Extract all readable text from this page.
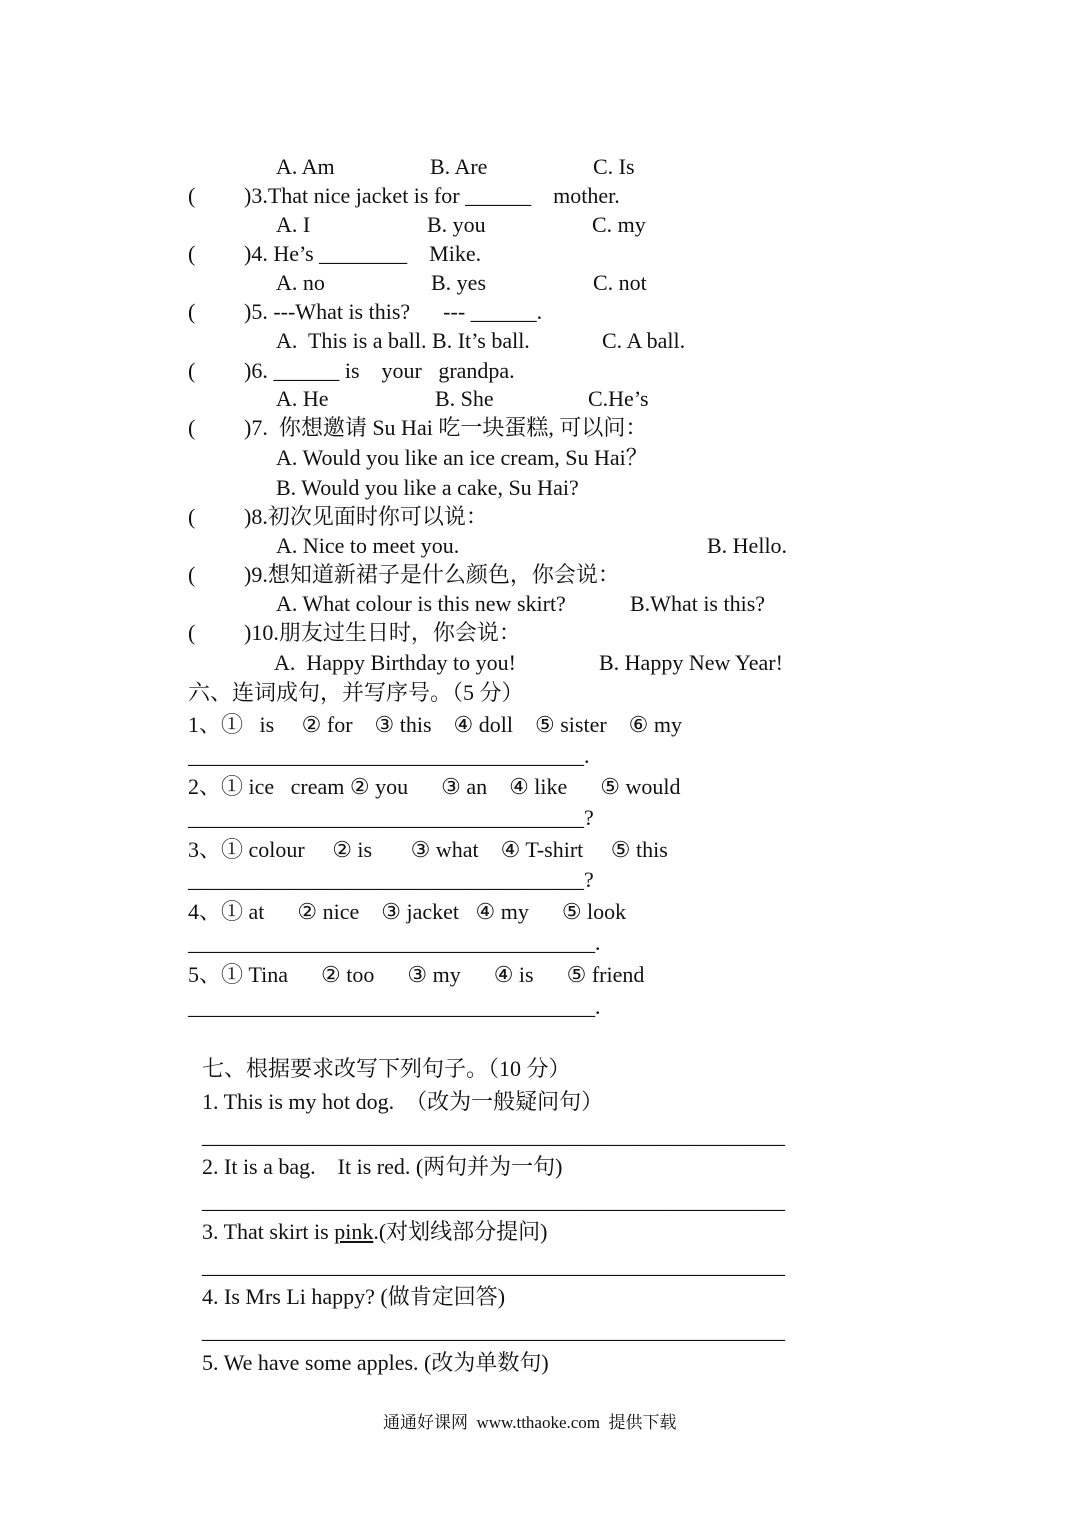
A. Am	B. Are	C. Is
( )3.That nice jacket is for ______    mother.
A. I	B. you	C. my
( )4. He’s ________    Mike.
A. no	B. yes	C. not
( )5. ---What is this?      --- ______.
A.  This is a ball. B. It’s ball.	C. A ball.
( )6. ______ is    your   grandpa.
A. He	B. She	C.He’s
( )7.  你想邀请 Su Hai 吃一块蛋糕, 可以问：
A. Would you like an ice cream, Su Hai？
B. Would you like a cake, Su Hai?
( )8.初次见面时你可以说：
A. Nice to meet you.	B. Hello.
( )9.想知道新裙子是什么颜色，你会说：
A. What colour is this new skirt?	B.What is this?
( )10.朋友过生日时，你会说：
A.  Happy Birthday to you!	B. Happy New Year!
六、连词成句，并写序号。（5 分）
1、①   is     ② for    ③ this    ④ doll    ⑤ sister    ⑥ my
____________________________________.
2、① ice   cream ② you      ③ an    ④ like      ⑤ would
____________________________________?
3、① colour     ② is       ③ what    ④ T-shirt     ⑤ this
____________________________________?
4、① at      ② nice    ③ jacket   ④ my      ⑤ look
_____________________________________.
5、① Tina      ② too      ③ my      ④ is      ⑤ friend
_____________________________________.
七、根据要求改写下列句子。（10 分）
1. This is my hot dog.  （改为一般疑问句）
_____________________________________________________
2. It is a bag.    It is red. (两句并为一句)
_____________________________________________________
3. That skirt is pink.(对划线部分提问)
_____________________________________________________
4. Is Mrs Li happy? (做肯定回答)
_____________________________________________________
5. We have some apples. (改为单数句)
通通好课网  www.tthaoke.com  提供下载
